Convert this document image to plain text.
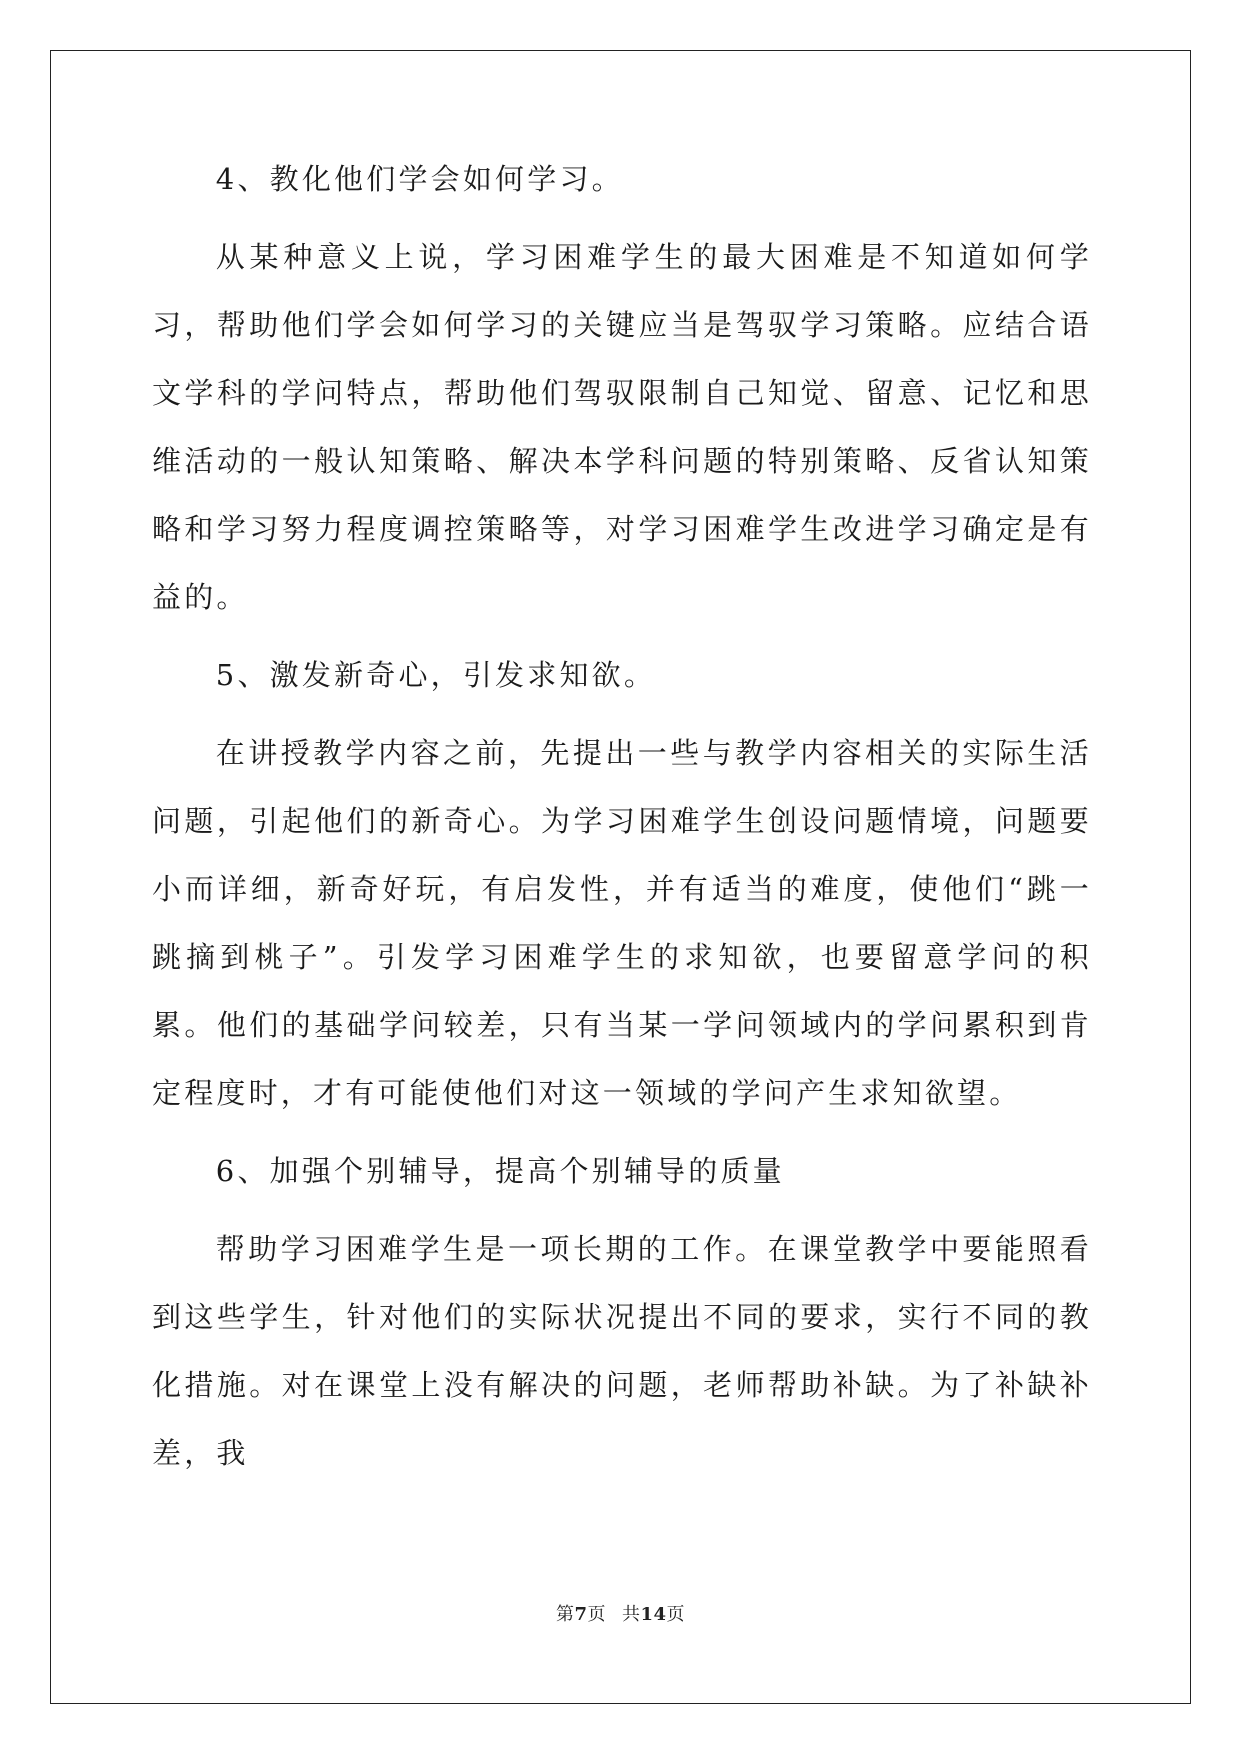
4、教化他们学会如何学习。

从某种意义上说，学习困难学生的最大困难是不知道如何学习，帮助他们学会如何学习的关键应当是驾驭学习策略。应结合语文学科的学问特点，帮助他们驾驭限制自己知觉、留意、记忆和思维活动的一般认知策略、解决本学科问题的特别策略、反省认知策略和学习努力程度调控策略等，对学习困难学生改进学习确定是有益的。

5、激发新奇心，引发求知欲。

在讲授教学内容之前，先提出一些与教学内容相关的实际生活问题，引起他们的新奇心。为学习困难学生创设问题情境，问题要小而详细，新奇好玩，有启发性，并有适当的难度，使他们“跳一跳摘到桃子”。引发学习困难学生的求知欲，也要留意学问的积累。他们的基础学问较差，只有当某一学问领域内的学问累积到肯定程度时，才有可能使他们对这一领域的学问产生求知欲望。

6、加强个别辅导，提高个别辅导的质量

帮助学习困难学生是一项长期的工作。在课堂教学中要能照看到这些学生，针对他们的实际状况提出不同的要求，实行不同的教化措施。对在课堂上没有解决的问题，老师帮助补缺。为了补缺补差，我

第7页 共14页
